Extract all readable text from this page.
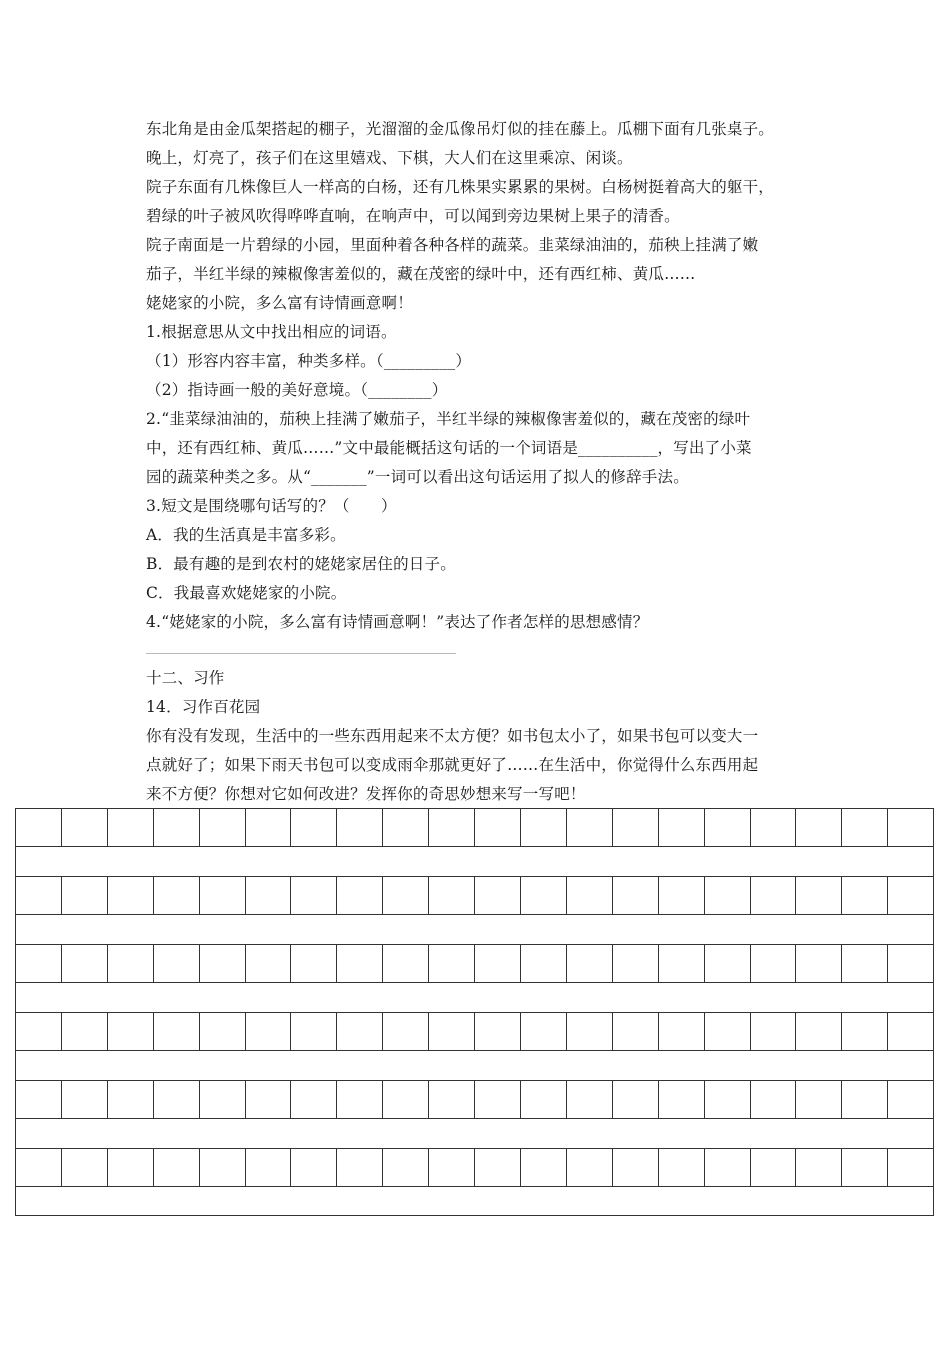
东北角是由金瓜架搭起的棚子，光溜溜的金瓜像吊灯似的挂在藤上。瓜棚下面有几张桌子。
晚上，灯亮了，孩子们在这里嬉戏、下棋，大人们在这里乘凉、闲谈。
院子东面有几株像巨人一样高的白杨，还有几株果实累累的果树。白杨树挺着高大的躯干，
碧绿的叶子被风吹得哗哗直响，在响声中，可以闻到旁边果树上果子的清香。
院子南面是一片碧绿的小园，里面种着各种各样的蔬菜。韭菜绿油油的，茄秧上挂满了嫩
茄子，半红半绿的辣椒像害羞似的，藏在茂密的绿叶中，还有西红柿、黄瓜……
姥姥家的小院，多么富有诗情画意啊！
1.根据意思从文中找出相应的词语。
（1）形容内容丰富，种类多样。（_________）
（2）指诗画一般的美好意境。（________）
2.“韭菜绿油油的，茄秧上挂满了嫩茄子，半红半绿的辣椒像害羞似的，藏在茂密的绿叶
中，还有西红柿、黄瓜……”文中最能概括这句话的一个词语是__________，写出了小菜
园的蔬菜种类之多。从“_______”一词可以看出这句话运用了拟人的修辞手法。
3.短文是围绕哪句话写的？（　　）
A．我的生活真是丰富多彩。
B．最有趣的是到农村的姥姥家居住的日子。
C．我最喜欢姥姥家的小院。
4.“姥姥家的小院，多么富有诗情画意啊！”表达了作者怎样的思想感情？
十二、习作
14．习作百花园
你有没有发现，生活中的一些东西用起来不太方便？如书包太小了，如果书包可以变大一
点就好了；如果下雨天书包可以变成雨伞那就更好了……在生活中，你觉得什么东西用起
来不方便？你想对它如何改进？发挥你的奇思妙想来写一写吧！
